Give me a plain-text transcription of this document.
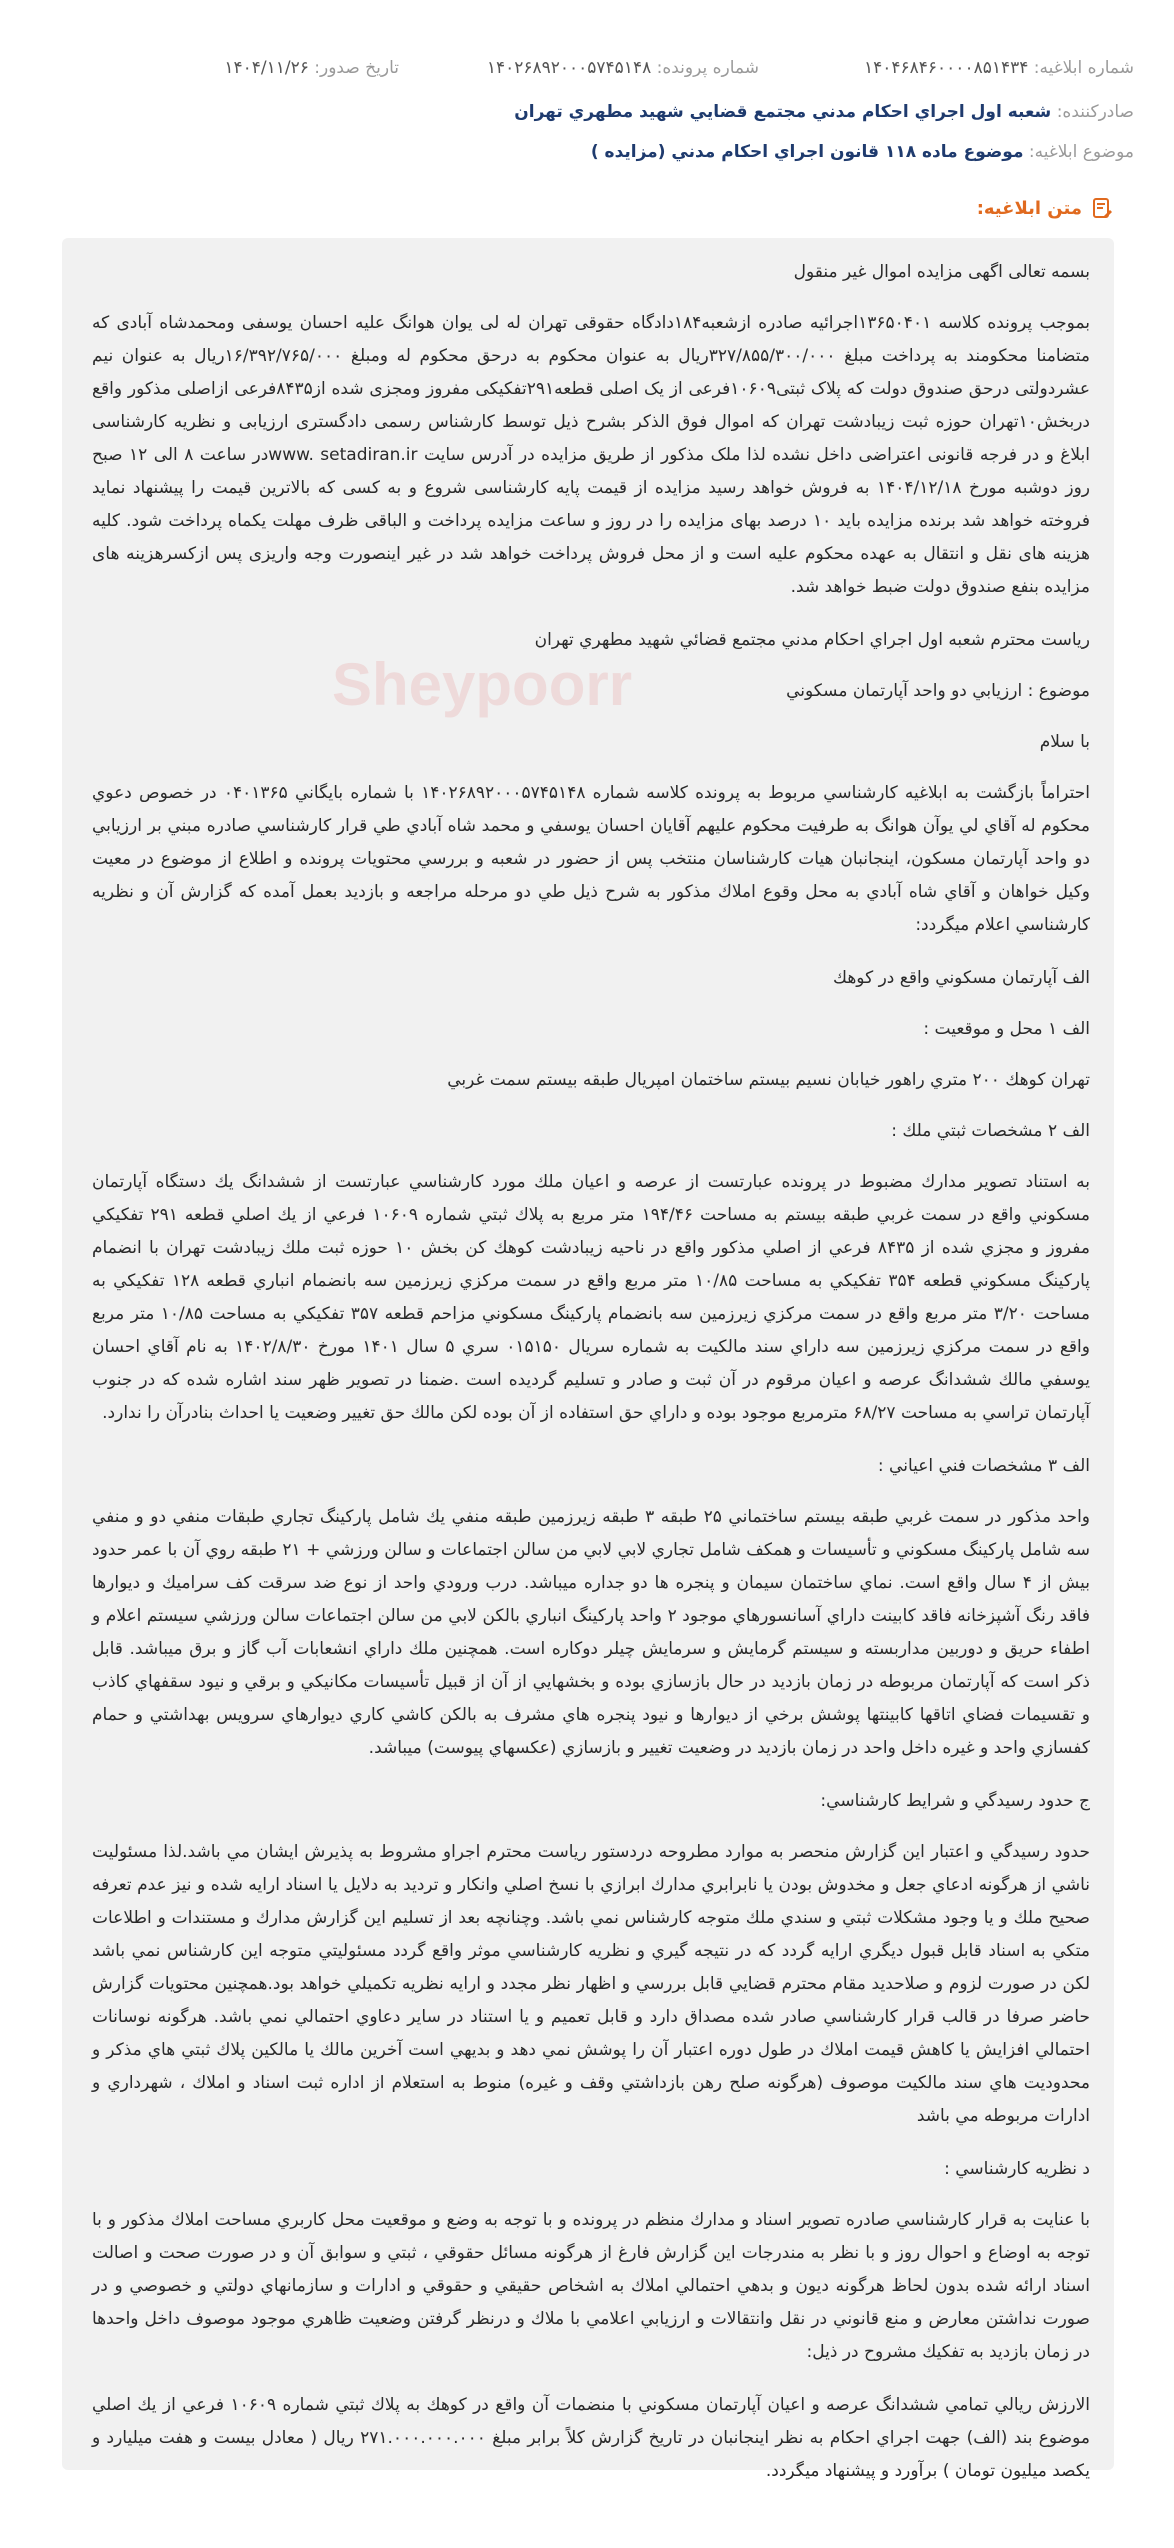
شماره ابلاغیه: ۱۴۰۴۶۸۴۶۰۰۰۰۸۵۱۴۳۴
شماره پرونده: ۱۴۰۲۶۸۹۲۰۰۰۵۷۴۵۱۴۸
تاریخ صدور: ۱۴۰۴/۱۱/۲۶
صادرکننده: شعبه اول اجراي احكام مدني مجتمع قضايي شهيد مطهري تهران
موضوع ابلاغیه: موضوع ماده ۱۱۸ قانون اجراي احكام مدني (مزايده )
متن ابلاغیه:

بسمه تعالی اگهی مزایده اموال غیر منقول

بموجب پرونده کلاسه ۱۳۶۵‌۰۴۰۱اجرائیه صادره ازشعبه۱۸۴دادگاه حقوقی تهران له لی یوان هوانگ علیه احسان یوسفی ومحمدشاه آبادی که متضامنا محکومند به پرداخت مبلغ ۳۲۷/۸۵۵/۳۰۰/۰۰۰ریال به عنوان محکوم به درحق محکوم له ومبلغ ۱۶/۳۹۲/۷۶۵/۰۰۰ریال به عنوان نیم عشردولتی درحق صندوق دولت که پلاک ثبتی۱۰۶۰۹فرعی از یک اصلی قطعه۲۹۱تفکیکی مفروز ومجزی شده از۸۴۳۵فرعی ازاصلی مذکور واقع دربخش۱۰تهران حوزه ثبت زیبادشت تهران که اموال فوق الذکر بشرح ذیل توسط کارشناس رسمی دادگستری ارزیابی و نظریه کارشناسی ابلاغ و در فرجه قانونی اعتراضی داخل نشده لذا ملک مذکور از طریق مزایده در آدرس سایت www. setadiran.irدر ساعت ۸ الی ۱۲ صبح روز دوشبه مورخ ۱۴۰۴/۱۲/۱۸ به فروش خواهد رسید مزایده از قیمت پایه کارشناسی شروع و به کسی که بالاترین قیمت را پیشنهاد نماید فروخته خواهد شد برنده مزایده باید ۱۰ درصد بهای مزایده را در روز و ساعت مزایده پرداخت و الباقی ظرف مهلت یکماه پرداخت شود. کلیه هزینه های نقل و انتقال به عهده محکوم علیه است و از محل فروش پرداخت خواهد شد در غیر اینصورت وجه واریزی پس ازکسرهزینه های مزایده بنفع صندوق دولت ضبط خواهد شد.

رياست محترم شعبه اول اجراي احكام مدني مجتمع قضائي شهيد مطهري تهران

موضوع : ارزيابي دو واحد آپارتمان مسكوني

با سلام

احتراماً بازگشت به ابلاغيه كارشناسي مربوط به پرونده كلاسه شماره ۱۴۰۲۶۸۹۲۰۰۰۵۷۴۵۱۴۸ با شماره بايگاني ۰۴۰۱۳۶۵ در خصوص دعوي محكوم له آقاي لي يوآن هوانگ به طرفيت محكوم عليهم آقايان احسان يوسفي و محمد شاه آبادي طي قرار كارشناسي صادره مبني بر ارزيابي دو واحد آپارتمان مسكون، اينجانبان هيات كارشناسان منتخب پس از حضور در شعبه و بررسي محتويات پرونده و اطلاع از موضوع در معيت وكيل خواهان و آقاي شاه آبادي به محل وقوع املاك مذكور به شرح ذيل طي دو مرحله مراجعه و بازديد بعمل آمده كه گزارش آن و نظريه كارشناسي اعلام ميگردد:

الف آپارتمان مسكوني واقع در كوهك

الف ۱ محل و موقعيت :

تهران كوهك ۲۰۰ متري راهور خيابان نسيم بيستم ساختمان امپريال طبقه بيستم سمت غربي

الف ۲ مشخصات ثبتي ملك :

به استناد تصوير مدارك مضبوط در پرونده عبارتست از عرصه و اعيان ملك مورد كارشناسي عبارتست از ششدانگ يك دستگاه آپارتمان مسكوني واقع در سمت غربي طبقه بيستم به مساحت ۱۹۴/۴۶ متر مربع به پلاك ثبتي شماره ۱۰۶۰۹ فرعي از يك اصلي قطعه ۲۹۱ تفكيكي مفروز و مجزي شده از ۸۴۳۵ فرعي از اصلي مذكور واقع در ناحيه زيبادشت كوهك كن بخش ۱۰ حوزه ثبت ملك زيبادشت تهران با انضمام پاركينگ مسكوني قطعه ۳۵۴ تفكيكي به مساحت ۱۰/۸۵ متر مربع واقع در سمت مركزي زيرزمين سه بانضمام انباري قطعه ۱۲۸ تفكيكي به مساحت ۳/۲۰ متر مربع واقع در سمت مركزي زيرزمين سه بانضمام پاركينگ مسكوني مزاحم قطعه ۳۵۷ تفكيكي به مساحت ۱۰/۸۵ متر مربع واقع در سمت مركزي زيرزمين سه داراي سند مالكيت به شماره سريال ۰۱۵۱۵۰ سري ۵ سال ۱۴۰۱ مورخ ۱۴۰۲/۸/۳۰ به نام آقاي احسان يوسفي مالك ششدانگ عرصه و اعيان مرقوم در آن ثبت و صادر و تسليم گرديده است .ضمنا در تصوير ظهر سند اشاره شده كه در جنوب آپارتمان تراسي به مساحت ۶۸/۲۷ مترمربع موجود بوده و داراي حق استفاده از آن بوده لكن مالك حق تغيير وضعيت يا احداث بنادرآن را ندارد.

الف ۳ مشخصات فني اعياني :

واحد مذكور در سمت غربي طبقه بيستم ساختماني ۲۵ طبقه ۳ طبقه زيرزمين طبقه منفي يك شامل پاركينگ تجاري طبقات منفي دو و منفي سه شامل پاركينگ مسكوني و تأسيسات و همكف شامل تجاري لابي لابي من سالن اجتماعات و سالن ورزشي + ۲۱ طبقه روي آن با عمر حدود بيش از ۴ سال واقع است. نماي ساختمان سيمان و پنجره ها دو جداره ميباشد. درب ورودي واحد از نوع ضد سرقت كف سراميك و ديوارها فاقد رنگ آشپزخانه فاقد كابينت داراي آسانسورهاي موجود ۲ واحد پاركينگ انباري بالكن لابي من سالن اجتماعات سالن ورزشي سيستم اعلام و اطفاء حريق و دوربين مداربسته و سيستم گرمايش و سرمايش چيلر دوكاره است. همچنين ملك داراي انشعابات آب گاز و برق ميباشد. قابل ذكر است كه آپارتمان مربوطه در زمان بازديد در حال بازسازي بوده و بخشهايي از آن از قبيل تأسيسات مكانيكي و برقي و نيود سقفهاي كاذب و تقسيمات فضاي اتاقها كابينتها پوشش برخي از ديوارها و نيود پنجره هاي مشرف به بالكن كاشي كاري ديوارهاي سرويس بهداشتي و حمام كفسازي واحد و غيره داخل واحد در زمان بازديد در وضعيت تغيير و بازسازي (عكسهاي پيوست) ميباشد.

ج حدود رسيدگي و شرايط كارشناسي:

حدود رسيدگي و اعتبار اين گزارش منحصر به موارد مطروحه دردستور رياست محترم اجراو مشروط به پذيرش ايشان مي باشد.لذا مسئوليت ناشي از هرگونه ادعاي جعل و مخدوش بودن يا نابرابري مدارك ابرازي با نسخ اصلي وانكار و ترديد به دلايل يا اسناد ارايه شده و نيز عدم تعرفه صحيح ملك و يا وجود مشكلات ثبتي و سندي ملك متوجه كارشناس نمي باشد. وچنانچه بعد از تسليم اين گزارش مدارك و مستندات و اطلاعات متكي به اسناد قابل قبول ديگري ارايه گردد كه در نتيجه گيري و نظريه كارشناسي موثر واقع گردد مسئوليتي متوجه اين كارشناس نمي باشد لكن در صورت لزوم و صلاحديد مقام محترم قضايي قابل بررسي و اظهار نظر مجدد و ارايه نظريه تكميلي خواهد بود.همچنين محتويات گزارش حاضر صرفا در قالب قرار كارشناسي صادر شده مصداق دارد و قابل تعميم و يا استناد در ساير دعاوي احتمالي نمي باشد. هرگونه نوسانات احتمالي افزايش يا كاهش قيمت املاك در طول دوره اعتبار آن را پوشش نمي دهد و بديهي است آخرين مالك يا مالكين پلاك ثبتي هاي مذكر و محدوديت هاي سند مالكيت موصوف (هرگونه صلح رهن بازداشتي وقف و غيره) منوط به استعلام از اداره ثبت اسناد و املاك ، شهرداري و ادارات مربوطه مي باشد

د نظريه كارشناسي :

با عنايت به قرار كارشناسي صادره تصوير اسناد و مدارك منظم در پرونده و با توجه به وضع و موقعيت محل كاربري مساحت املاك مذكور و با توجه به اوضاع و احوال روز و با نظر به مندرجات اين گزارش فارغ از هرگونه مسائل حقوقي ، ثبتي و سوابق آن و در صورت صحت و اصالت اسناد ارائه شده بدون لحاظ هرگونه ديون و بدهي احتمالي املاك به اشخاص حقيقي و حقوقي و ادارات و سازمانهاي دولتي و خصوصي و در صورت نداشتن معارض و منع قانوني در نقل وانتقالات و ارزيابي اعلامي با ملاك و درنظر گرفتن وضعيت ظاهري موجود موصوف داخل واحدها در زمان بازديد به تفكيك مشروح در ذيل:

الارزش ريالي تمامي ششدانگ عرصه و اعيان آپارتمان مسكوني با منضمات آن واقع در كوهك به پلاك ثبتي شماره ۱۰۶۰۹ فرعي از يك اصلي موضوع بند (الف) جهت اجراي احكام به نظر اينجانبان در تاريخ گزارش كلاً برابر مبلغ ۲۷۱.۰۰۰.۰۰۰.۰۰۰ ريال ( معادل بيست و هفت ميليارد و يكصد ميليون تومان ) برآورد و پيشنهاد ميگردد.

Sheypoorr
